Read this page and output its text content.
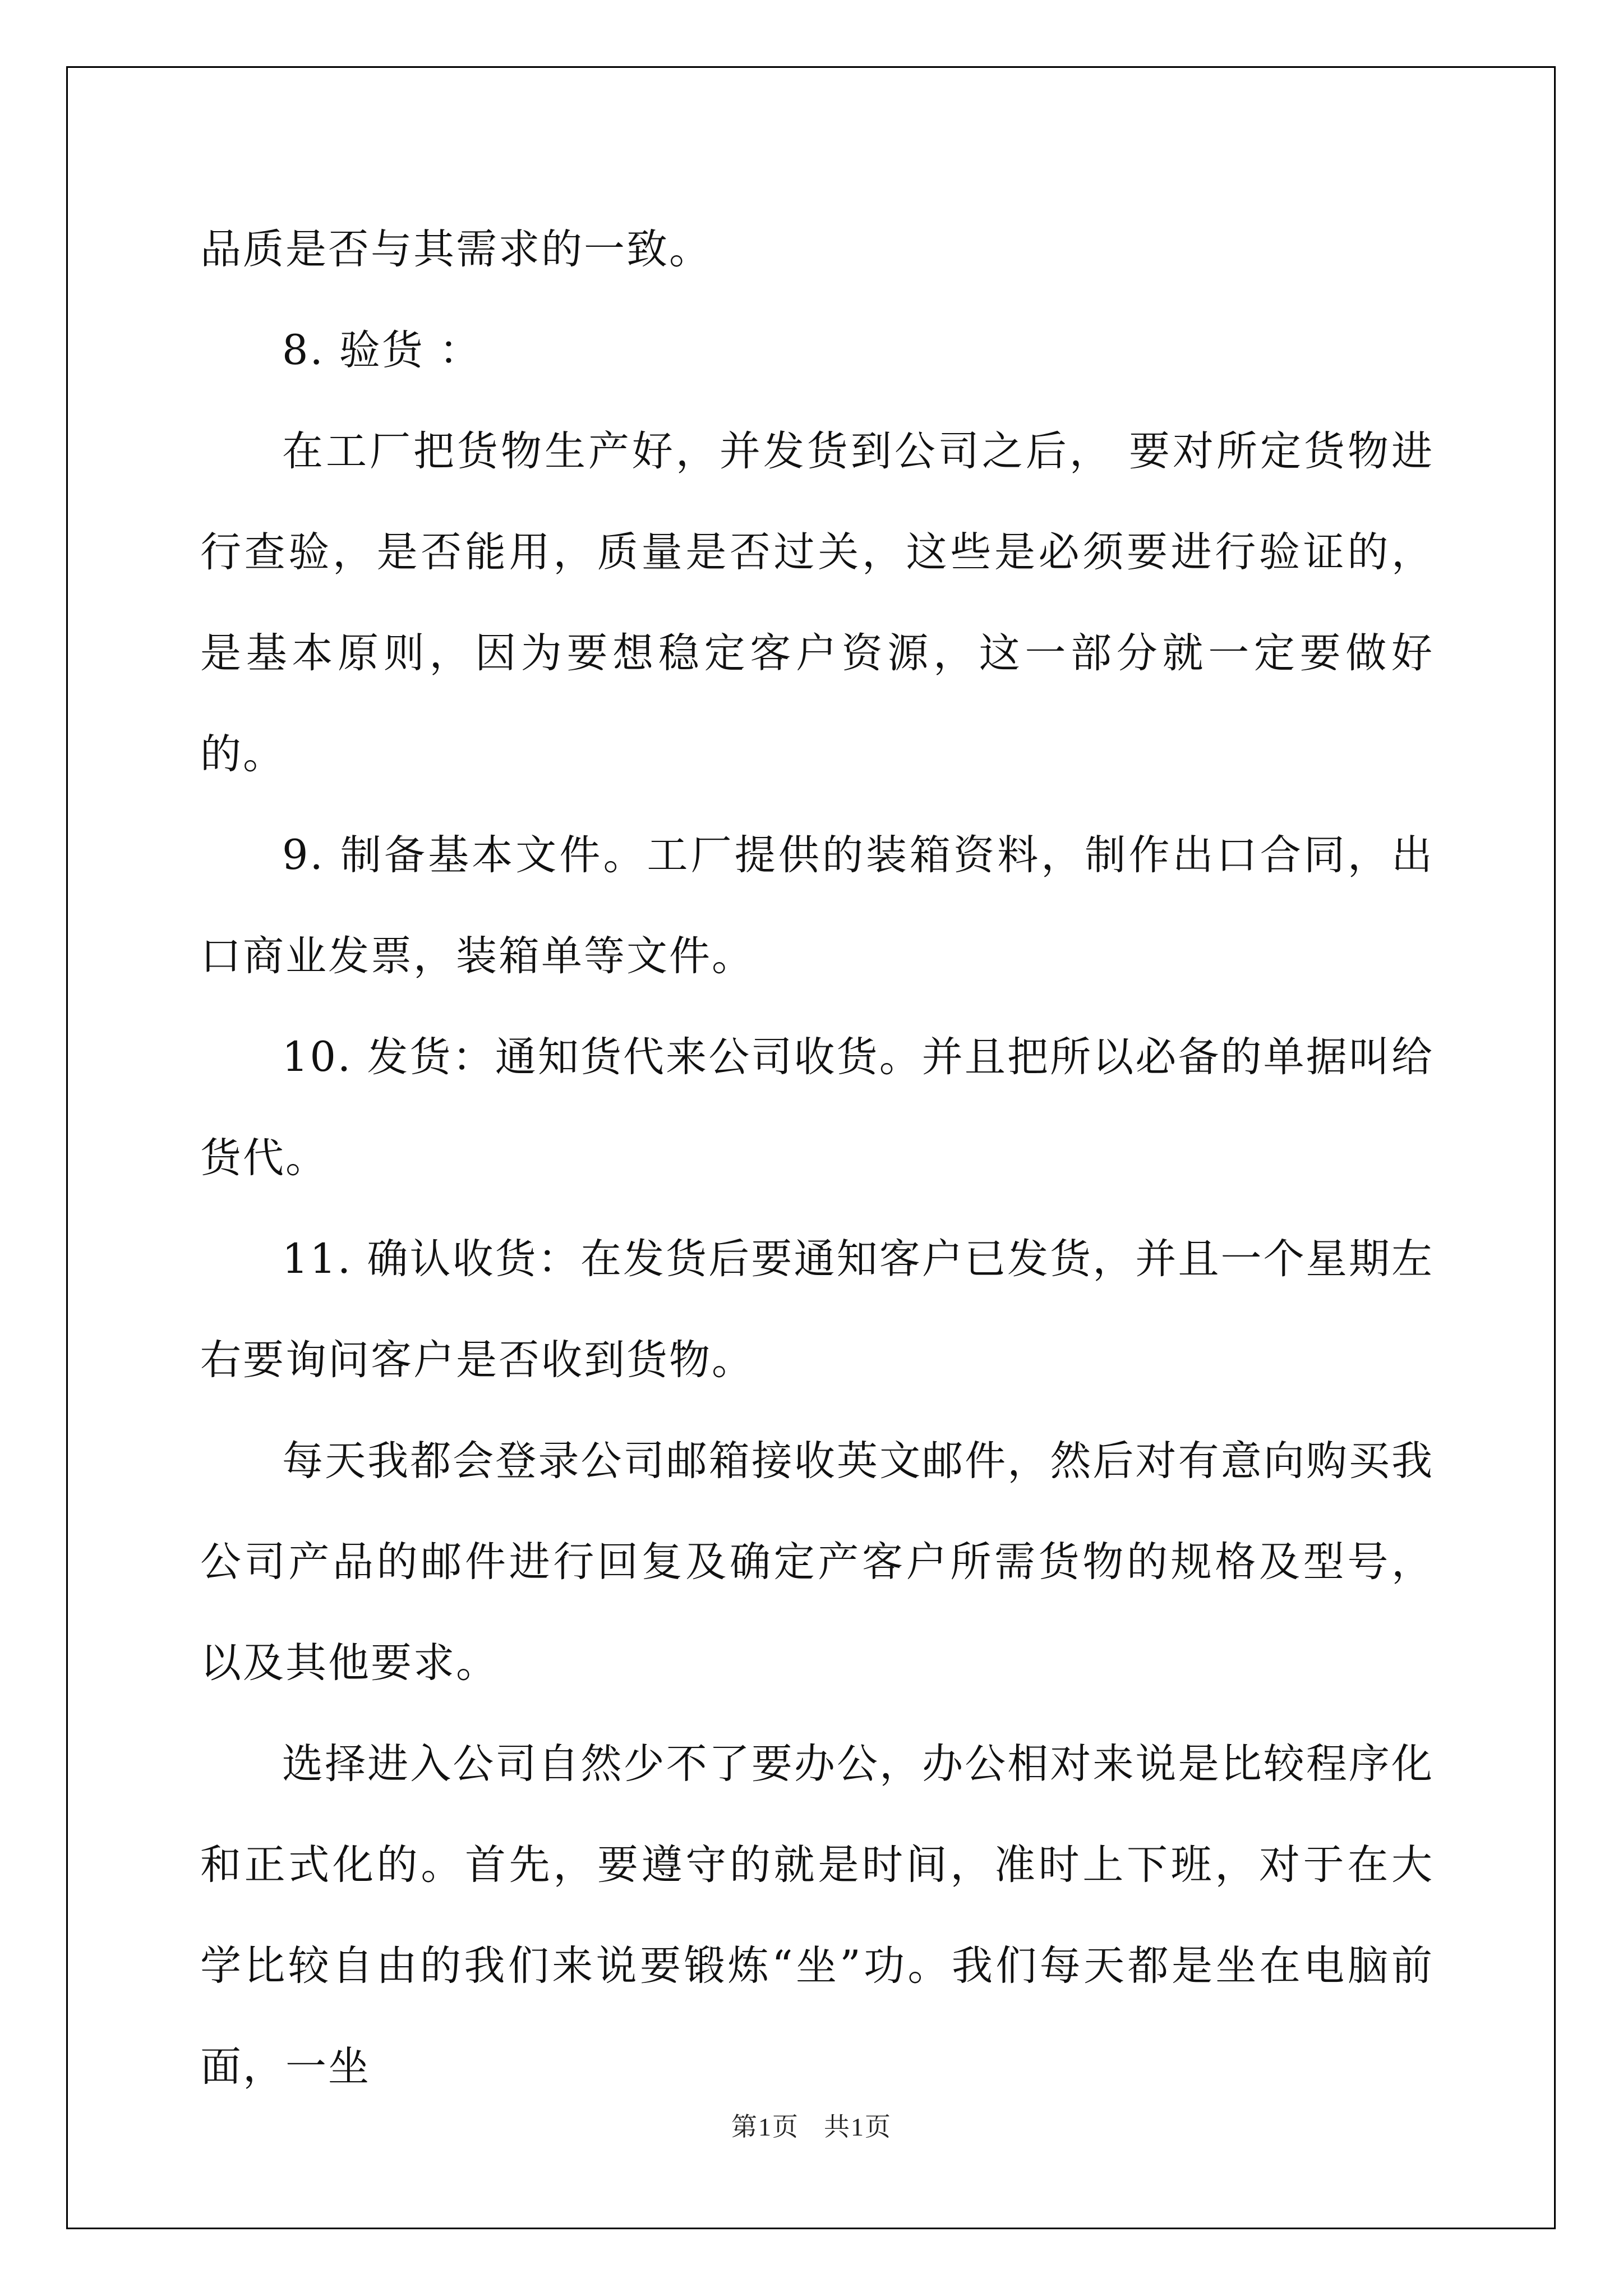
品质是否与其需求的一致。

8. 验货 ：

在工厂把货物生产好，并发货到公司之后， 要对所定货物进行查验，是否能用，质量是否过关，这些是必须要进行验证的，是基本原则，因为要想稳定客户资源，这一部分就一定要做好的。

9. 制备基本文件。工厂提供的装箱资料，制作出口合同，出口商业发票，装箱单等文件。

10. 发货：通知货代来公司收货。并且把所以必备的单据叫给货代。

11. 确认收货：在发货后要通知客户已发货，并且一个星期左右要询问客户是否收到货物。

每天我都会登录公司邮箱接收英文邮件，然后对有意向购买我公司产品的邮件进行回复及确定产客户所需货物的规格及型号，以及其他要求。

选择进入公司自然少不了要办公，办公相对来说是比较程序化和正式化的。首先，要遵守的就是时间，准时上下班，对于在大学比较自由的我们来说要锻炼“坐”功。我们每天都是坐在电脑前面，一坐

第1页 共1页
